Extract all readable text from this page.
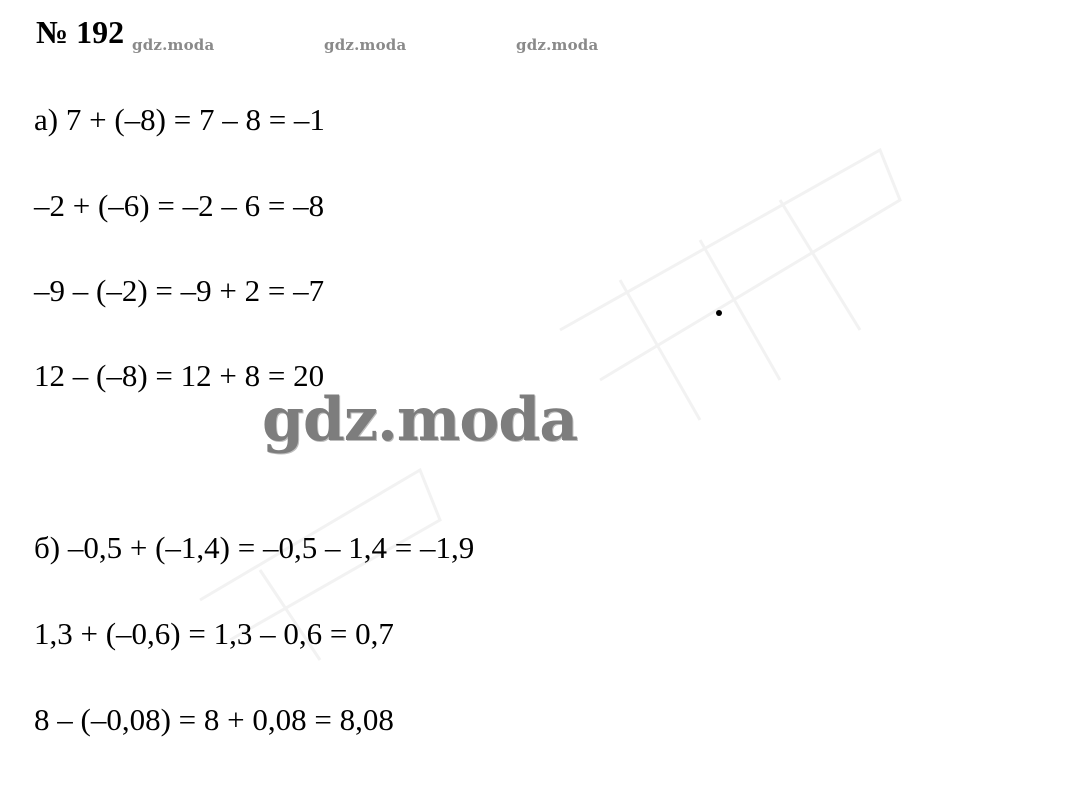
№ 192 gdz.moda	gdz.moda	gdz.moda
а) 7 + (–8) = 7 – 8 = –1
–2 + (–6) = –2 – 6 = –8
–9 – (–2) = –9 + 2 = –7
12 – (–8) = 12 + 8 = 20
gdz.moda
б) –0,5 + (–1,4) = –0,5 – 1,4 = –1,9
1,3 + (–0,6) = 1,3 – 0,6 = 0,7
8 – (–0,08) = 8 + 0,08 = 8,08
